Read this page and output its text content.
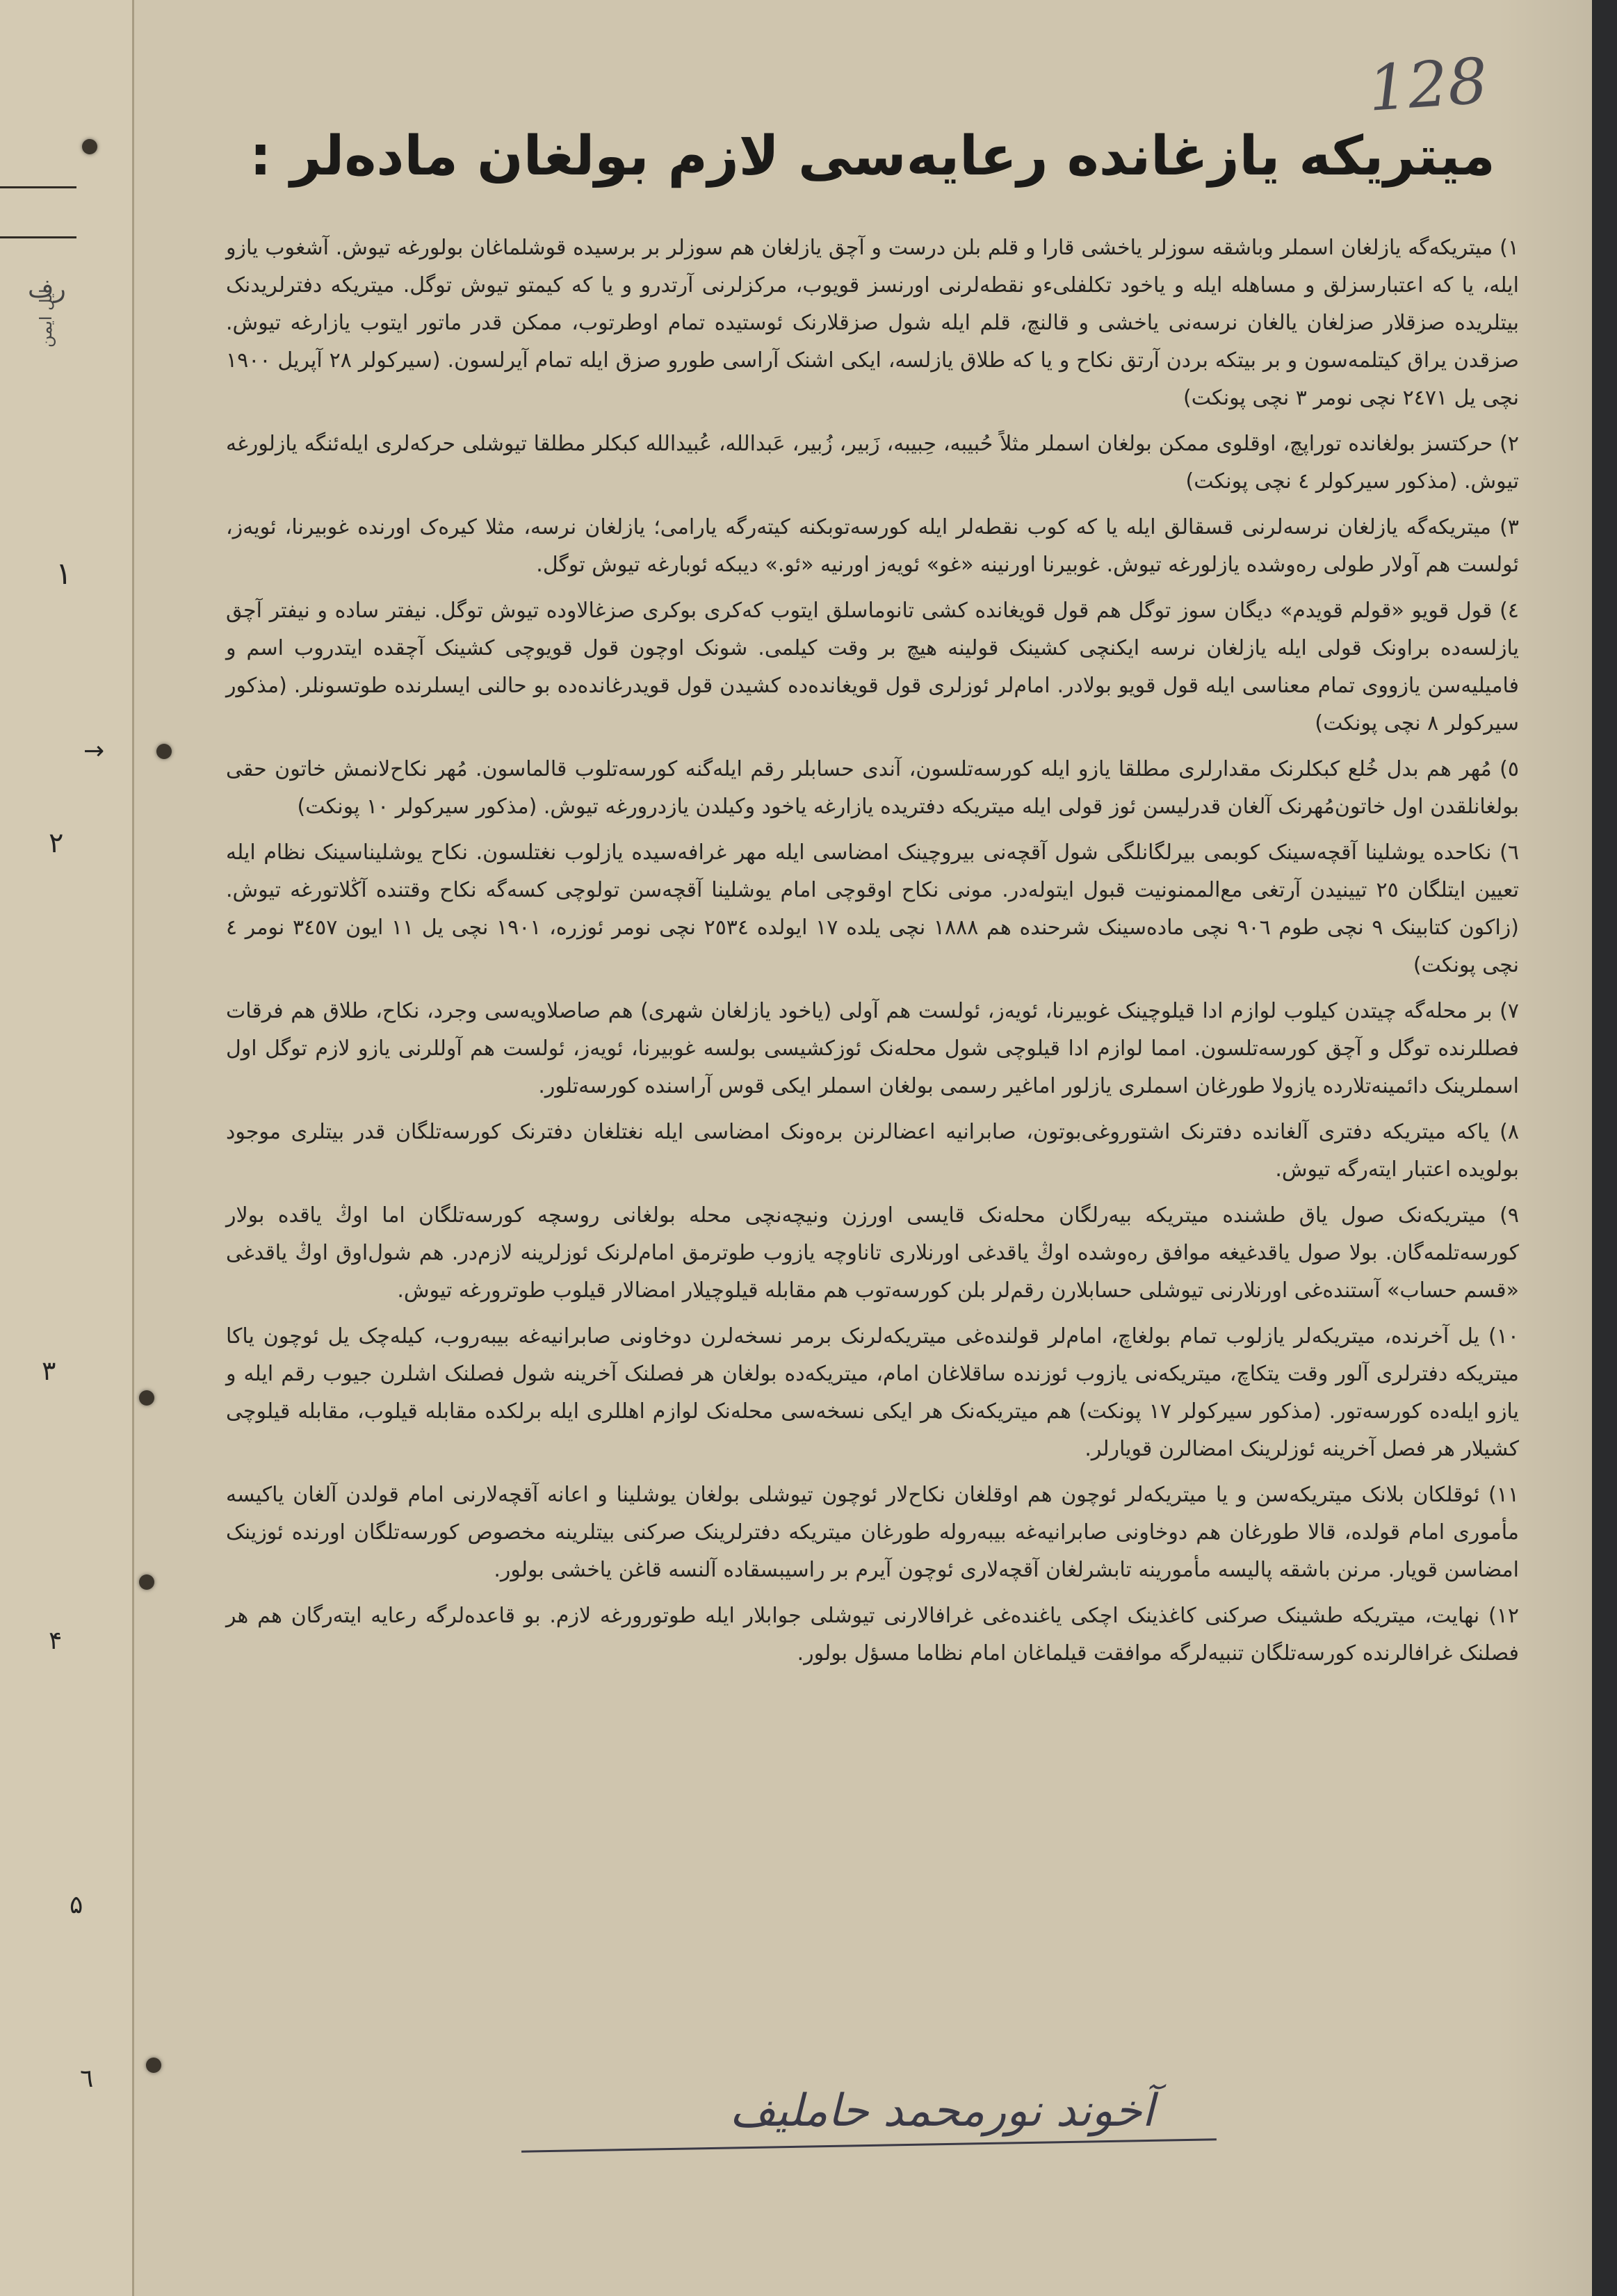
رف
ایل ایمن
۱
→
۲
۳
۴
۵
٦
128
میتریکه یازغانده رعایه‌سی لازم بولغان ماده‌لر :

١) میتریکه‌گه یازلغان اسملر وباشقه سوزلر یاخشی قارا و قلم بلن درست و آچق یازلغان هم سوزلر بر برسیده قوشلماغان بولورغه تیوش. آشغوب یازو ایله، یا که اعتبارسزلق و مساهله ایله و یاخود تکلفلی‌ءو نقطه‌لرنی اورنسز قویوب، مرکزلرنی آرتدرو و یا که کیمتو تیوش توگل. میتریکه دفترلریدنک بیتلریده صزقلار صزلغان یالغان نرسه‌نی یاخشی و قالنچ، قلم ایله شول صزقلارنک ئوستیده تمام اوطرتوب، ممکن قدر ماتور ایتوب یازارغه تیوش. صزقدن یراق کیتلمه‌سون و بر بیتکه بردن آرتق نکاح و یا که طلاق یازلسه، ایکی اشنک آراسی طورو صزق ایله تمام آیرلسون. (سیرکولر ٢٨ آپریل ١٩٠٠ نچی یل ٢٤٧١ نچی نومر ٣ نچی پونکت)

٢) حرکتسز بولغانده توراپچ، اوقلوی ممکن بولغان اسملر مثلاً حُبیبه، حِبیبه، زَبیر، زُبیر، عَبدالله، عُبیدالله کبکلر مطلقا تیوشلی حرکه‌لری ایله‌ئنگه یازلورغه تیوش. (مذکور سیرکولر ٤ نچی پونکت)

٣) میتریکه‌گه یازلغان نرسه‌لرنی قسقالق ایله یا که کوب نقطه‌لر ایله کورسه‌توبکنه کیته‌رگه یارامی؛ یازلغان نرسه، مثلا کیره‌ک اورنده غوبیرنا، ئویه‌ز، ئولست هم آولار طولی ره‌وشده یازلورغه تیوش. غوبیرنا اورنینه «غو» ئویه‌ز اورنیه «ئو.» دیبکه ئوبارغه تیوش توگل.

٤) قول قویو «قولم قویدم» دیگان سوز توگل هم قول قویغانده کشی تانوماسلق ایتوب که‌کری بوکری صزغالاوده تیوش توگل. نیفتر ساده و نیفتر آچق یازلسه‌ده براونک قولی ایله یازلغان نرسه ایکنچی کشینک قولینه هیچ بر وقت کیلمی. شونک اوچون قول قویوچی کشینک آچقده ایتدروب اسم و فامیلیه‌سن یازووی تمام معناسی ایله قول قویو بولادر. امام‌لر ئوزلری قول قویغانده‌ده کشیدن قول قویدرغانده‌ده بو حالنی ایسلرنده طوتسونلر. (مذکور سیرکولر ٨ نچی پونکت)

٥) مُهر هم بدل خُلع کبکلرنک مقدارلری مطلقا یازو ایله کورسه‌تلسون، آندی حسابلر رقم ایله‌گنه کورسه‌تلوب قالماسون. مُهر نکاح‌لانمش خاتون حقی بولغانلقدن اول خاتون‌مُهرنک آلغان قدرلیسن ئوز قولی ایله میتریکه دفتریده یازارغه یاخود وکیلدن یازدرورغه تیوش. (مذکور سیرکولر ١٠ پونکت)

٦) نکاحده یوشلینا آقچه‌سینک کوبمی بیرلگانلگی شول آقچه‌نی بیروچینک امضاسی ایله مهر غرافه‌سیده یازلوب نغتلسون. نکاح یوشلیناسینک نظام ایله تعیین ایتلگان ٢٥ تیینیدن آرتغی مع‌الممنونیت قبول ایتوله‌در. مونی نکاح اوقوچی امام یوشلینا آقچه‌سن تولوچی کسه‌گه نکاح وقتنده آڭلاتورغه تیوش. (زاکون کتابینک ٩ نچی طوم ٩٠٦ نچی ماده‌سینک شرحنده هم ١٨٨٨ نچی یلده ١٧ ایولده ٢٥٣٤ نچی نومر ئوزره، ١٩٠١ نچی یل ١١ ایون ٣٤٥٧ نومر ٤ نچی پونکت)

٧) بر محله‌گه چیتدن کیلوب لوازم ادا قیلوچینک غوبیرنا، ئویه‌ز، ئولست هم آولی (یاخود یازلغان شهری) هم صاصلاویه‌سی وجرد، نکاح، طلاق هم فرقات فصللرنده توگل و آچق کورسه‌تلسون. امما لوازم ادا قیلوچی شول محله‌نک ئوزکشیسی بولسه غوبیرنا، ئویه‌ز، ئولست هم آوللرنی یازو لازم توگل اول اسملرینک دائمینه‌تلارده یازولا طورغان اسملری یازلور اماغیر رسمی بولغان اسملر ایکی قوس آراسنده کورسه‌تلور.

٨) یاکه میتریکه دفتری آلغانده دفترنک اشتوروغی‌بوتون، صابرانیه اعضالرنن بره‌ونک امضاسی ایله نغتلغان دفترنک کورسه‌تلگان قدر بیتلری موجود بولویده اعتبار ایته‌رگه تیوش.

٩) میتریکه‌نک صول یاق طشنده میتریکه بیه‌رلگان محله‌نک قایسی اورزن ونیچه‌نچی محله بولغانی روسچه کورسه‌تلگان اما اوڭ یاقده بولار کورسه‌تلمه‌گان. بولا صول یاقدغیغه موافق ره‌وشده اوڭ یاقدغی اورنلاری تاناوچه یازوب طوترمق امام‌لرنک ئوزلرینه لازم‌در. هم شول‌اوق اوڭ یاقدغی «قسم حساب» آستنده‌غی اورنلارنی تیوشلی حسابلارن رقم‌لر بلن کورسه‌توب هم مقابله قیلوچیلار امضالار قیلوب طوترورغه تیوش.

١٠) یل آخرنده، میتریکه‌لر یازلوب تمام بولغاچ، امام‌لر قولنده‌غی میتریکه‌لرنک برمر نسخه‌لرن دوخاونی صابرانیه‌غه بیبه‌روب، کیله‌چک یل ئوچون یاکا میتریکه دفترلری آلور وقت یتکاچ، میتریکه‌نی یازوب ئوزنده ساقلاغان امام، میتریکه‌ده بولغان هر فصلنک آخرینه شول فصلنک اشلرن جیوب رقم ایله و یازو ایله‌ده کورسه‌تور. (مذکور سیرکولر ١٧ پونکت) هم میتریکه‌نک هر ایکی نسخه‌سی محله‌نک لوازم اهللری ایله برلکده مقابله قیلوب، مقابله قیلوچی کشیلار هر فصل آخرینه ئوزلرینک امضالرن قویارلر.

١١) ئوقلکان بلانک میتریکه‌سن و یا میتریکه‌لر ئوچون هم اوقلغان نکاح‌لار ئوچون تیوشلی بولغان یوشلینا و اعانه آقچه‌لارنی امام قولدن آلغان یاکیسه مأموری امام قولده، قالا طورغان هم دوخاونی صابرانیه‌غه بیبه‌روله طورغان میتریکه دفترلرینک صرکنی بیتلرینه مخصوص کورسه‌تلگان اورنده ئوزینک امضاسن قویار. مرنن باشقه پالیسه مأمورینه تابشرلغان آقچه‌لاری ئوچون آیرم بر راسیبسقاده آلنسه قاغن یاخشی بولور.

١٢) نهایت، میتریکه طشینک صرکنی کاغذینک اچکی یاغنده‌غی غرافالارنی تیوشلی جوابلار ایله طوتورورغه لازم. بو قاعده‌لرگه رعایه ایته‌رگان هم هر فصلنک غرافالرنده کورسه‌تلگان تنبیه‌لرگه موافقت قیلماغان امام نظاما مسؤل بولور.

آخوند نورمحمد حاملیف
